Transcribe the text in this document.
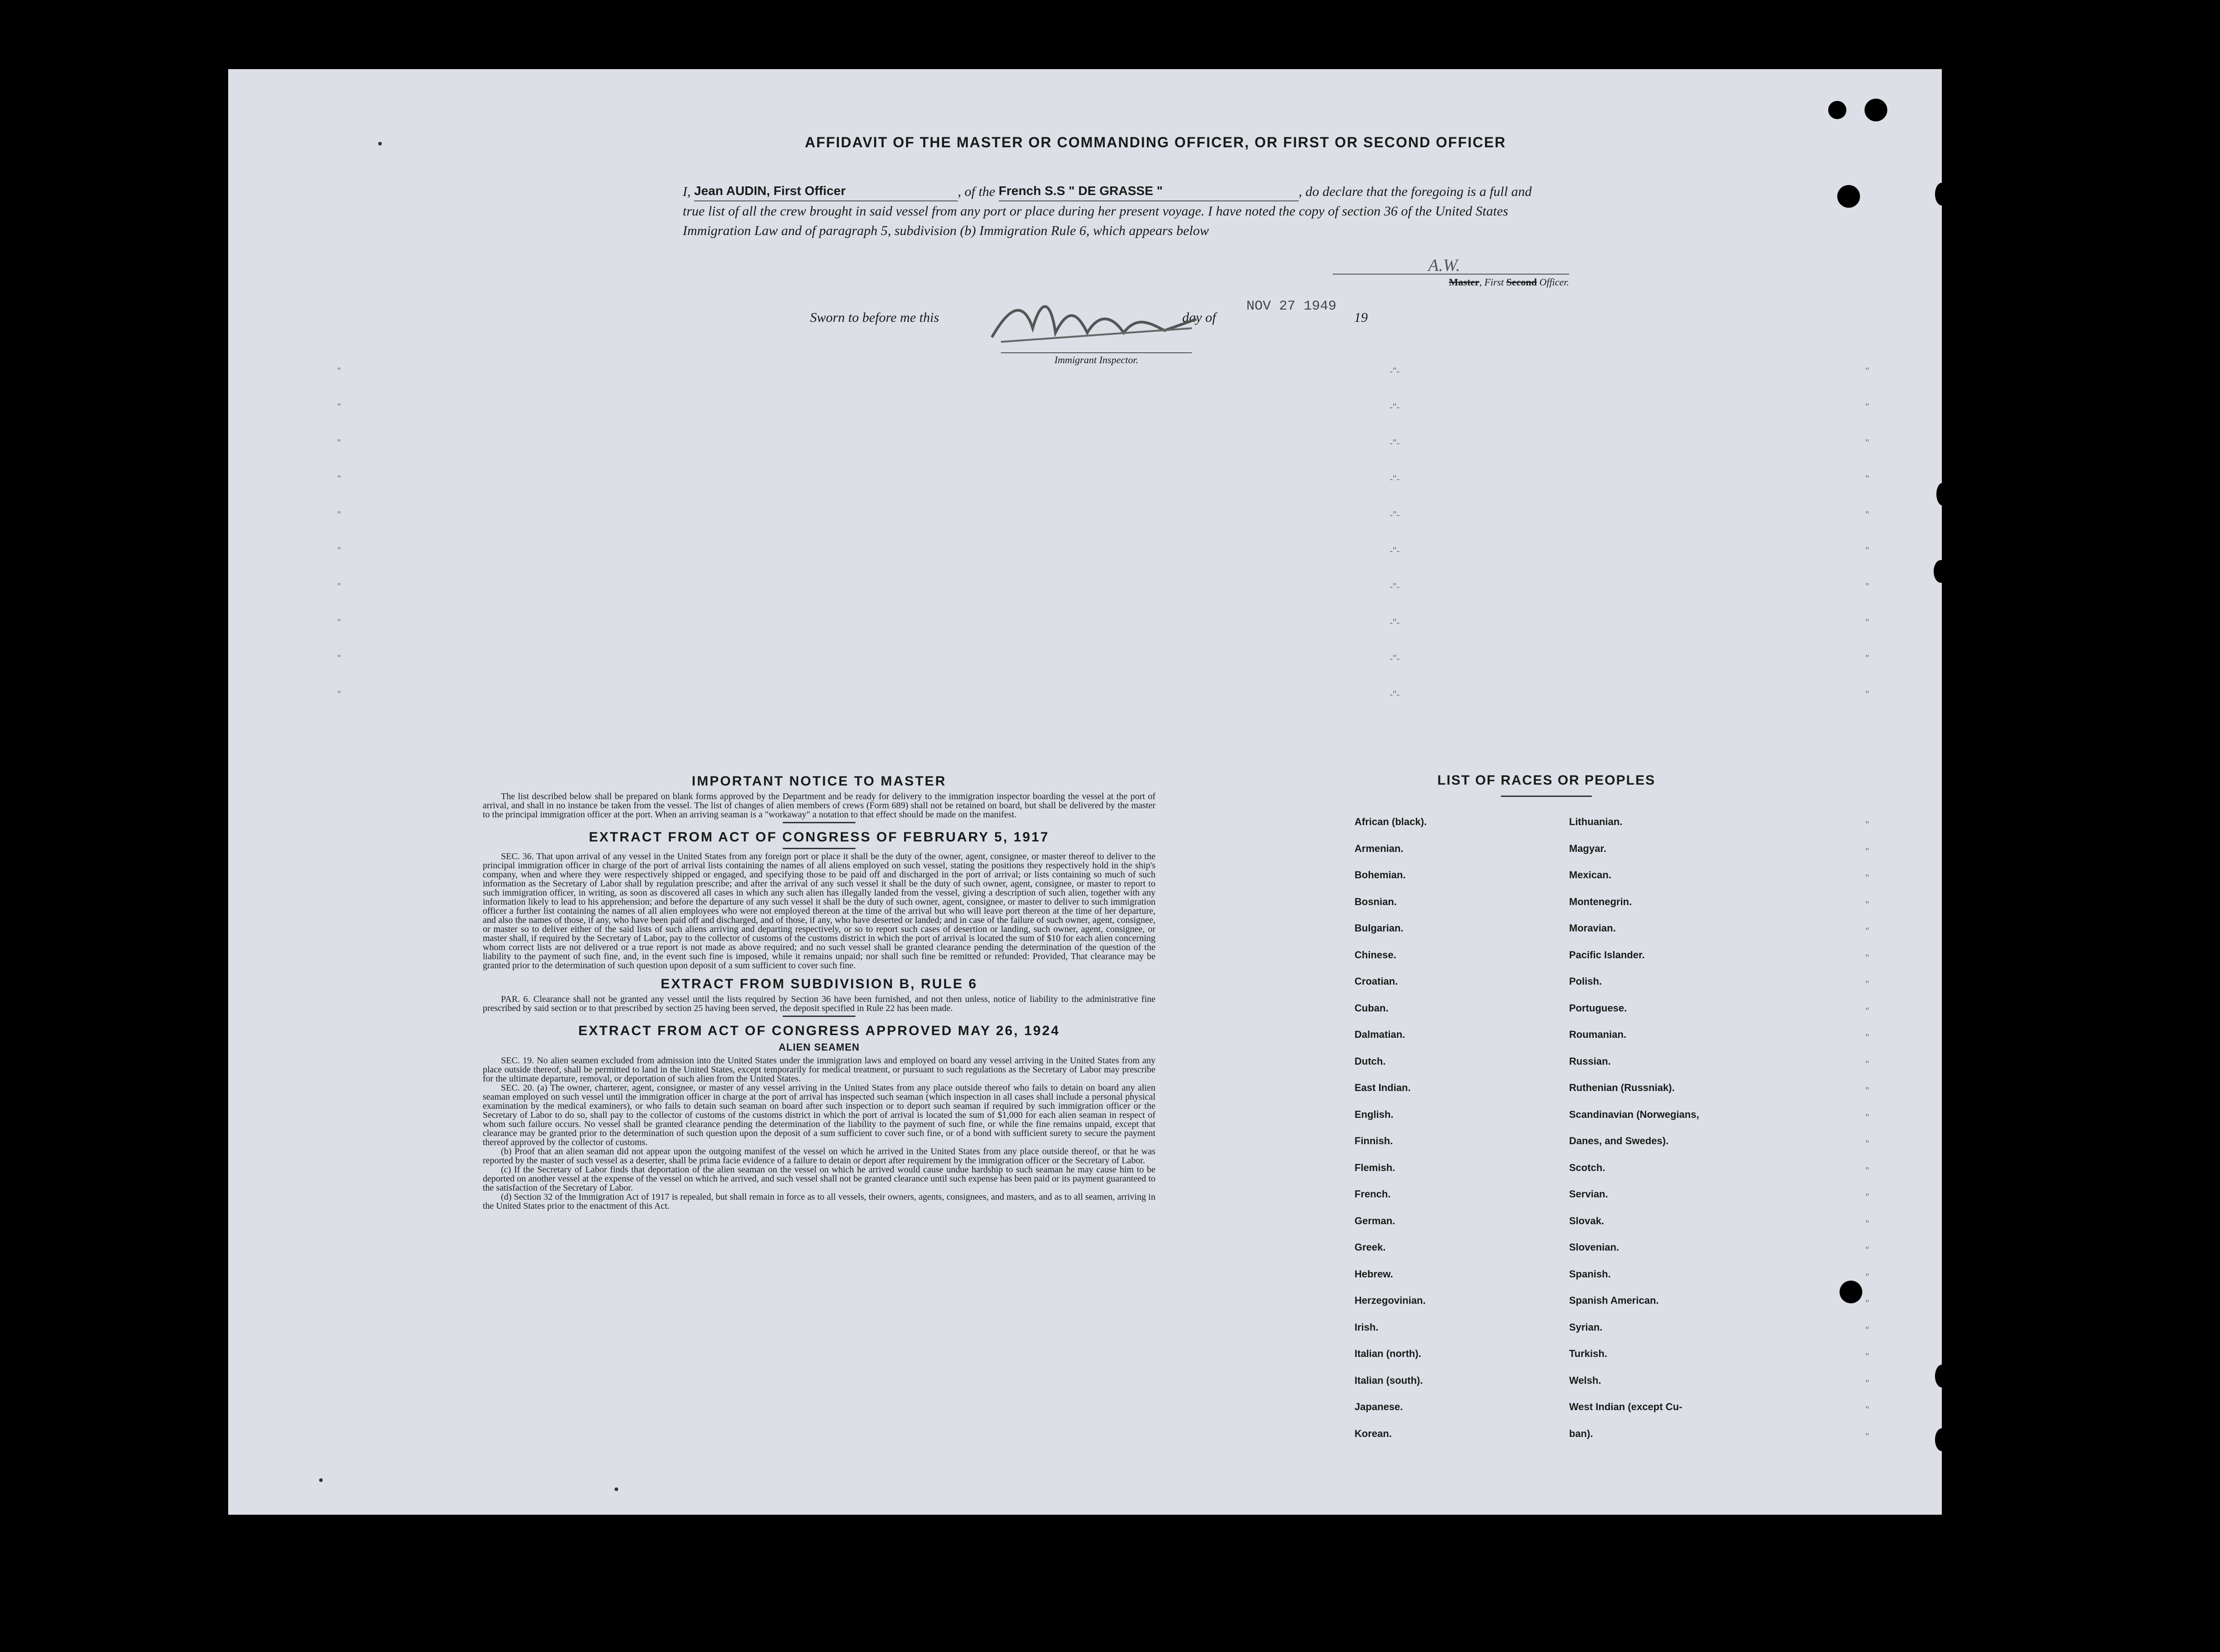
AFFIDAVIT OF THE MASTER OR COMMANDING OFFICER, OR FIRST OR SECOND OFFICER
I, Jean AUDIN, First Officer	, of the French S.S " DE GRASSE "	, do declare that the foregoing is a full and true list of all the crew brought in said vessel from any port or place during her present voyage. I have noted the copy of section 36 of the United States Immigration Law and of paragraph 5, subdivision (b) Immigration Rule 6, which appears below
A.W.
Master, First Second Officer.
Sworn to before me this	day of
NOV 27 1949
19
Immigrant Inspector.
"	-"-	"
"	-"-	"
"	-"-	"
"	-"-	"
"	-"-	"
"	-"-	"
"	-"-	"
"	-"-	"
"	-"-	"
"	-"-	"
"
"
"
"
"
"
"
"
"
"
"
"
"
"
"
"
"
"
"
"
"
"
"
"
IMPORTANT NOTICE TO MASTER

The list described below shall be prepared on blank forms approved by the Department and be ready for delivery to the immigration inspector boarding the vessel at the port of arrival, and shall in no instance be taken from the vessel. The list of changes of alien members of crews (Form 689) shall not be retained on board, but shall be delivered by the master to the principal immigration officer at the port. When an arriving seaman is a "workaway" a notation to that effect should be made on the manifest.

EXTRACT FROM ACT OF CONGRESS OF FEBRUARY 5, 1917

SEC. 36. That upon arrival of any vessel in the United States from any foreign port or place it shall be the duty of the owner, agent, consignee, or master thereof to deliver to the principal immigration officer in charge of the port of arrival lists containing the names of all aliens employed on such vessel, stating the positions they respectively hold in the ship's company, when and where they were respectively shipped or engaged, and specifying those to be paid off and discharged in the port of arrival; or lists containing so much of such information as the Secretary of Labor shall by regulation prescribe; and after the arrival of any such vessel it shall be the duty of such owner, agent, consignee, or master to report to such immigration officer, in writing, as soon as discovered all cases in which any such alien has illegally landed from the vessel, giving a description of such alien, together with any information likely to lead to his apprehension; and before the departure of any such vessel it shall be the duty of such owner, agent, consignee, or master to deliver to such immigration officer a further list containing the names of all alien employees who were not employed thereon at the time of the arrival but who will leave port thereon at the time of her departure, and also the names of those, if any, who have been paid off and discharged, and of those, if any, who have deserted or landed; and in case of the failure of such owner, agent, consignee, or master so to deliver either of the said lists of such aliens arriving and departing respectively, or so to report such cases of desertion or landing, such owner, agent, consignee, or master shall, if required by the Secretary of Labor, pay to the collector of customs of the customs district in which the port of arrival is located the sum of $10 for each alien concerning whom correct lists are not delivered or a true report is not made as above required; and no such vessel shall be granted clearance pending the determination of the question of the liability to the payment of such fine, and, in the event such fine is imposed, while it remains unpaid; nor shall such fine be remitted or refunded: Provided, That clearance may be granted prior to the determination of such question upon deposit of a sum sufficient to cover such fine.

EXTRACT FROM SUBDIVISION B, RULE 6

PAR. 6. Clearance shall not be granted any vessel until the lists required by Section 36 have been furnished, and not then unless, notice of liability to the administrative fine prescribed by said section or to that prescribed by section 25 having been served, the deposit specified in Rule 22 has been made.

EXTRACT FROM ACT OF CONGRESS APPROVED MAY 26, 1924
ALIEN SEAMEN

SEC. 19. No alien seamen excluded from admission into the United States under the immigration laws and employed on board any vessel arriving in the United States from any place outside thereof, shall be permitted to land in the United States, except temporarily for medical treatment, or pursuant to such regulations as the Secretary of Labor may prescribe for the ultimate departure, removal, or deportation of such alien from the United States.

SEC. 20. (a) The owner, charterer, agent, consignee, or master of any vessel arriving in the United States from any place outside thereof who fails to detain on board any alien seaman employed on such vessel until the immigration officer in charge at the port of arrival has inspected such seaman (which inspection in all cases shall include a personal physical examination by the medical examiners), or who fails to detain such seaman on board after such inspection or to deport such seaman if required by such immigration officer or the Secretary of Labor to do so, shall pay to the collector of customs of the customs district in which the port of arrival is located the sum of $1,000 for each alien seaman in respect of whom such failure occurs. No vessel shall be granted clearance pending the determination of the liability to the payment of such fine, or while the fine remains unpaid, except that clearance may be granted prior to the determination of such question upon the deposit of a sum sufficient to cover such fine, or of a bond with sufficient surety to secure the payment thereof approved by the collector of customs.

(b) Proof that an alien seaman did not appear upon the outgoing manifest of the vessel on which he arrived in the United States from any place outside thereof, or that he was reported by the master of such vessel as a deserter, shall be prima facie evidence of a failure to detain or deport after requirement by the immigration officer or the Secretary of Labor.

(c) If the Secretary of Labor finds that deportation of the alien seaman on the vessel on which he arrived would cause undue hardship to such seaman he may cause him to be deported on another vessel at the expense of the vessel on which he arrived, and such vessel shall not be granted clearance until such expense has been paid or its payment guaranteed to the satisfaction of the Secretary of Labor.

(d) Section 32 of the Immigration Act of 1917 is repealed, but shall remain in force as to all vessels, their owners, agents, consignees, and masters, and as to all seamen, arriving in the United States prior to the enactment of this Act.

LIST OF RACES OR PEOPLES
African (black).
Armenian.
Bohemian.
Bosnian.
Bulgarian.
Chinese.
Croatian.
Cuban.
Dalmatian.
Dutch.
East Indian.
English.
Finnish.
Flemish.
French.
German.
Greek.
Hebrew.
Herzegovinian.
Irish.
Italian (north).
Italian (south).
Japanese.
Korean.
Lithuanian.
Magyar.
Mexican.
Montenegrin.
Moravian.
Pacific Islander.
Polish.
Portuguese.
Roumanian.
Russian.
Ruthenian (Russniak).
Scandinavian (Norwegians,
Danes, and Swedes).
Scotch.
Servian.
Slovak.
Slovenian.
Spanish.
Spanish American.
Syrian.
Turkish.
Welsh.
West Indian (except Cu-
ban).
